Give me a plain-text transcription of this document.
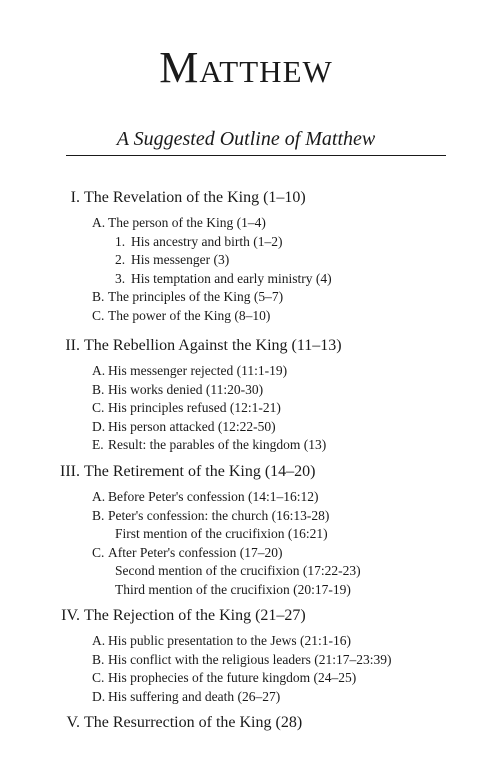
Matthew
A Suggested Outline of Matthew
I. The Revelation of the King (1–10)
A. The person of the King (1–4)
1. His ancestry and birth (1–2)
2. His messenger (3)
3. His temptation and early ministry (4)
B. The principles of the King (5–7)
C. The power of the King (8–10)
II. The Rebellion Against the King (11–13)
A. His messenger rejected (11:1-19)
B. His works denied (11:20-30)
C. His principles refused (12:1-21)
D. His person attacked (12:22-50)
E. Result: the parables of the kingdom (13)
III. The Retirement of the King (14–20)
A. Before Peter's confession (14:1–16:12)
B. Peter's confession: the church (16:13-28)
First mention of the crucifixion (16:21)
C. After Peter's confession (17–20)
Second mention of the crucifixion (17:22-23)
Third mention of the crucifixion (20:17-19)
IV. The Rejection of the King (21–27)
A. His public presentation to the Jews (21:1-16)
B. His conflict with the religious leaders (21:17–23:39)
C. His prophecies of the future kingdom (24–25)
D. His suffering and death (26–27)
V. The Resurrection of the King (28)
